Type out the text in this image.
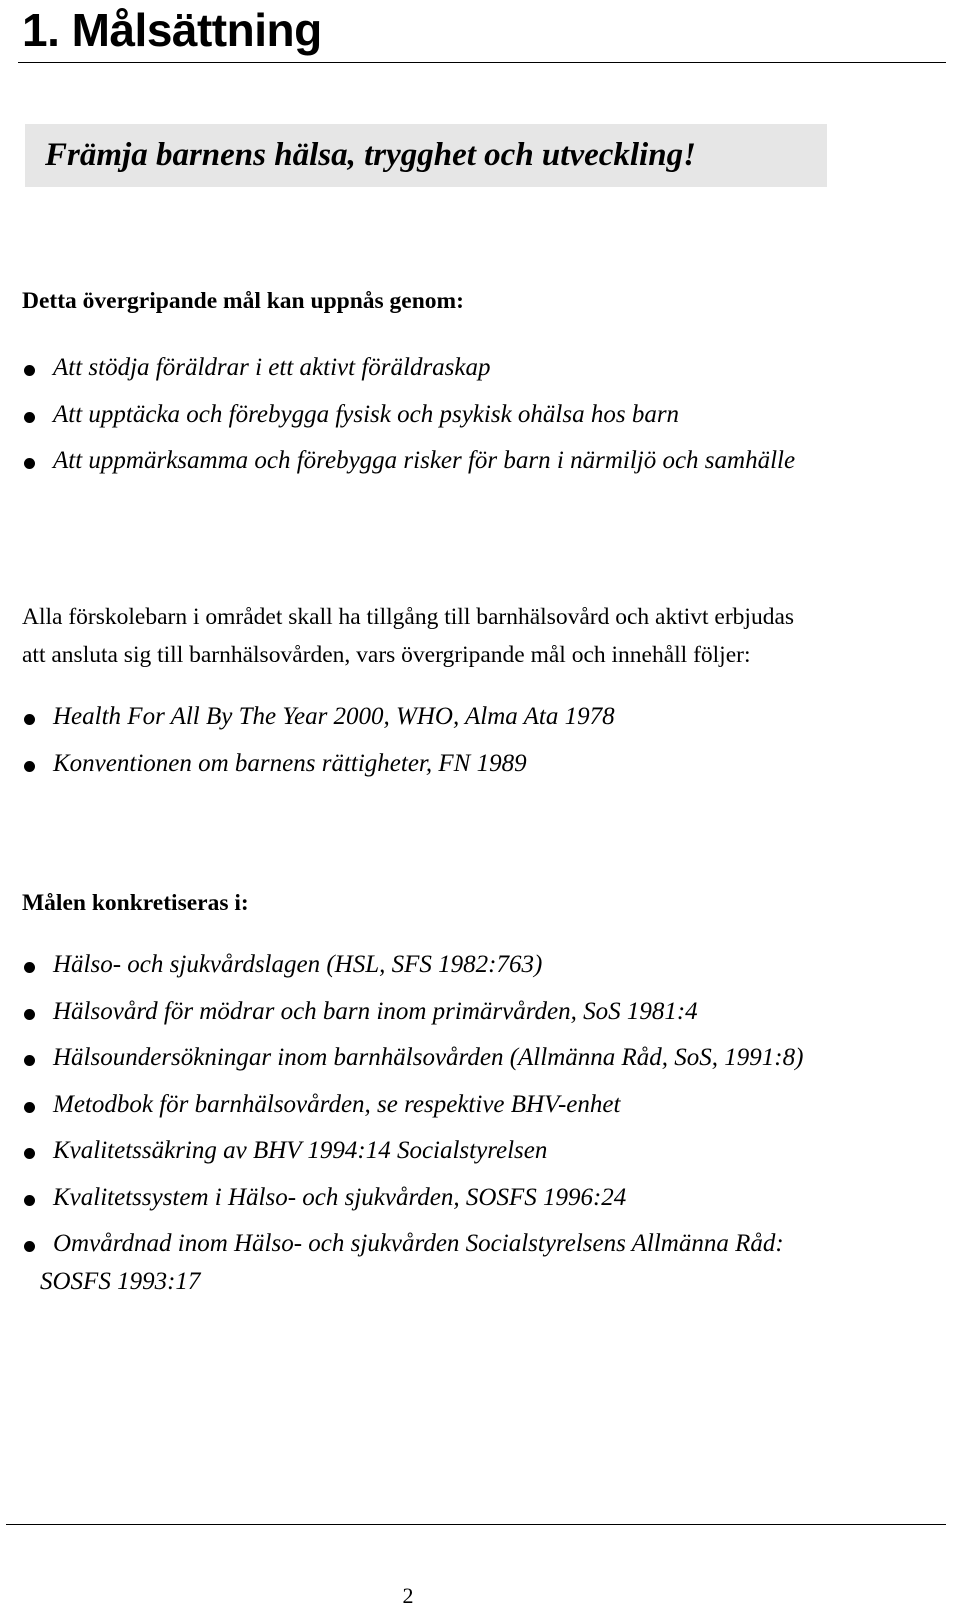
1. Målsättning
Främja barnens hälsa, trygghet och utveckling!
Detta övergripande mål kan uppnås genom:
Att stödja föräldrar i ett aktivt föräldraskap
Att upptäcka och förebygga fysisk och psykisk ohälsa hos barn
Att uppmärksamma och förebygga risker för barn i närmiljö och samhälle
Alla förskolebarn i området skall ha tillgång till barnhälsovård och aktivt erbjudas
att ansluta sig till barnhälsovården, vars övergripande mål och innehåll följer:
Health For All By The Year 2000, WHO, Alma Ata 1978
Konventionen om barnens rättigheter, FN 1989
Målen konkretiseras i:
Hälso- och sjukvårdslagen (HSL, SFS 1982:763)
Hälsovård för mödrar och barn inom primärvården, SoS 1981:4
Hälsoundersökningar inom barnhälsovården (Allmänna Råd, SoS, 1991:8)
Metodbok för barnhälsovården, se respektive BHV-enhet
Kvalitetssäkring av BHV 1994:14 Socialstyrelsen
Kvalitetssystem i Hälso- och sjukvården, SOSFS 1996:24
Omvårdnad inom Hälso- och sjukvården Socialstyrelsens Allmänna Råd:
SOSFS 1993:17
2
